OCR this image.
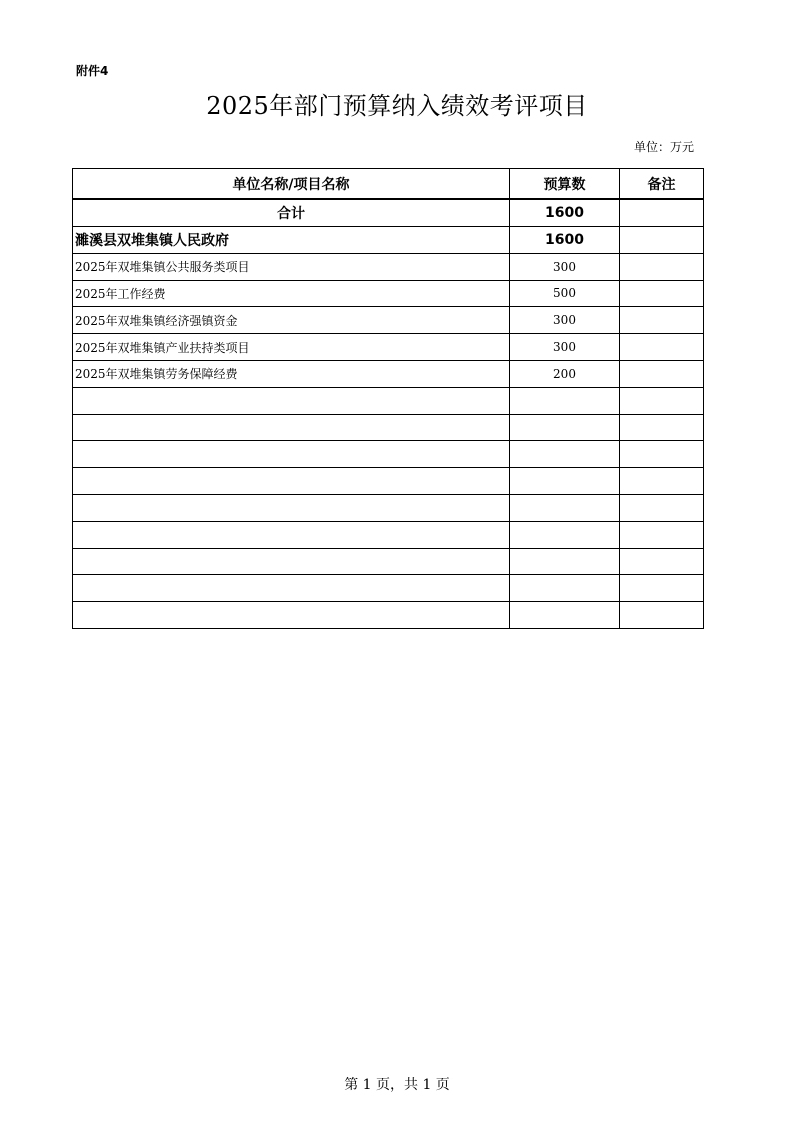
附件4
2025年部门预算纳入绩效考评项目
单位：万元
单位名称/项目名称	预算数	备注
合计	1600	
濉溪县双堆集镇人民政府	1600	
2025年双堆集镇公共服务类项目	300	
2025年工作经费	500	
2025年双堆集镇经济强镇资金	300	
2025年双堆集镇产业扶持类项目	300	
2025年双堆集镇劳务保障经费	200	

第 1 页，共 1 页
